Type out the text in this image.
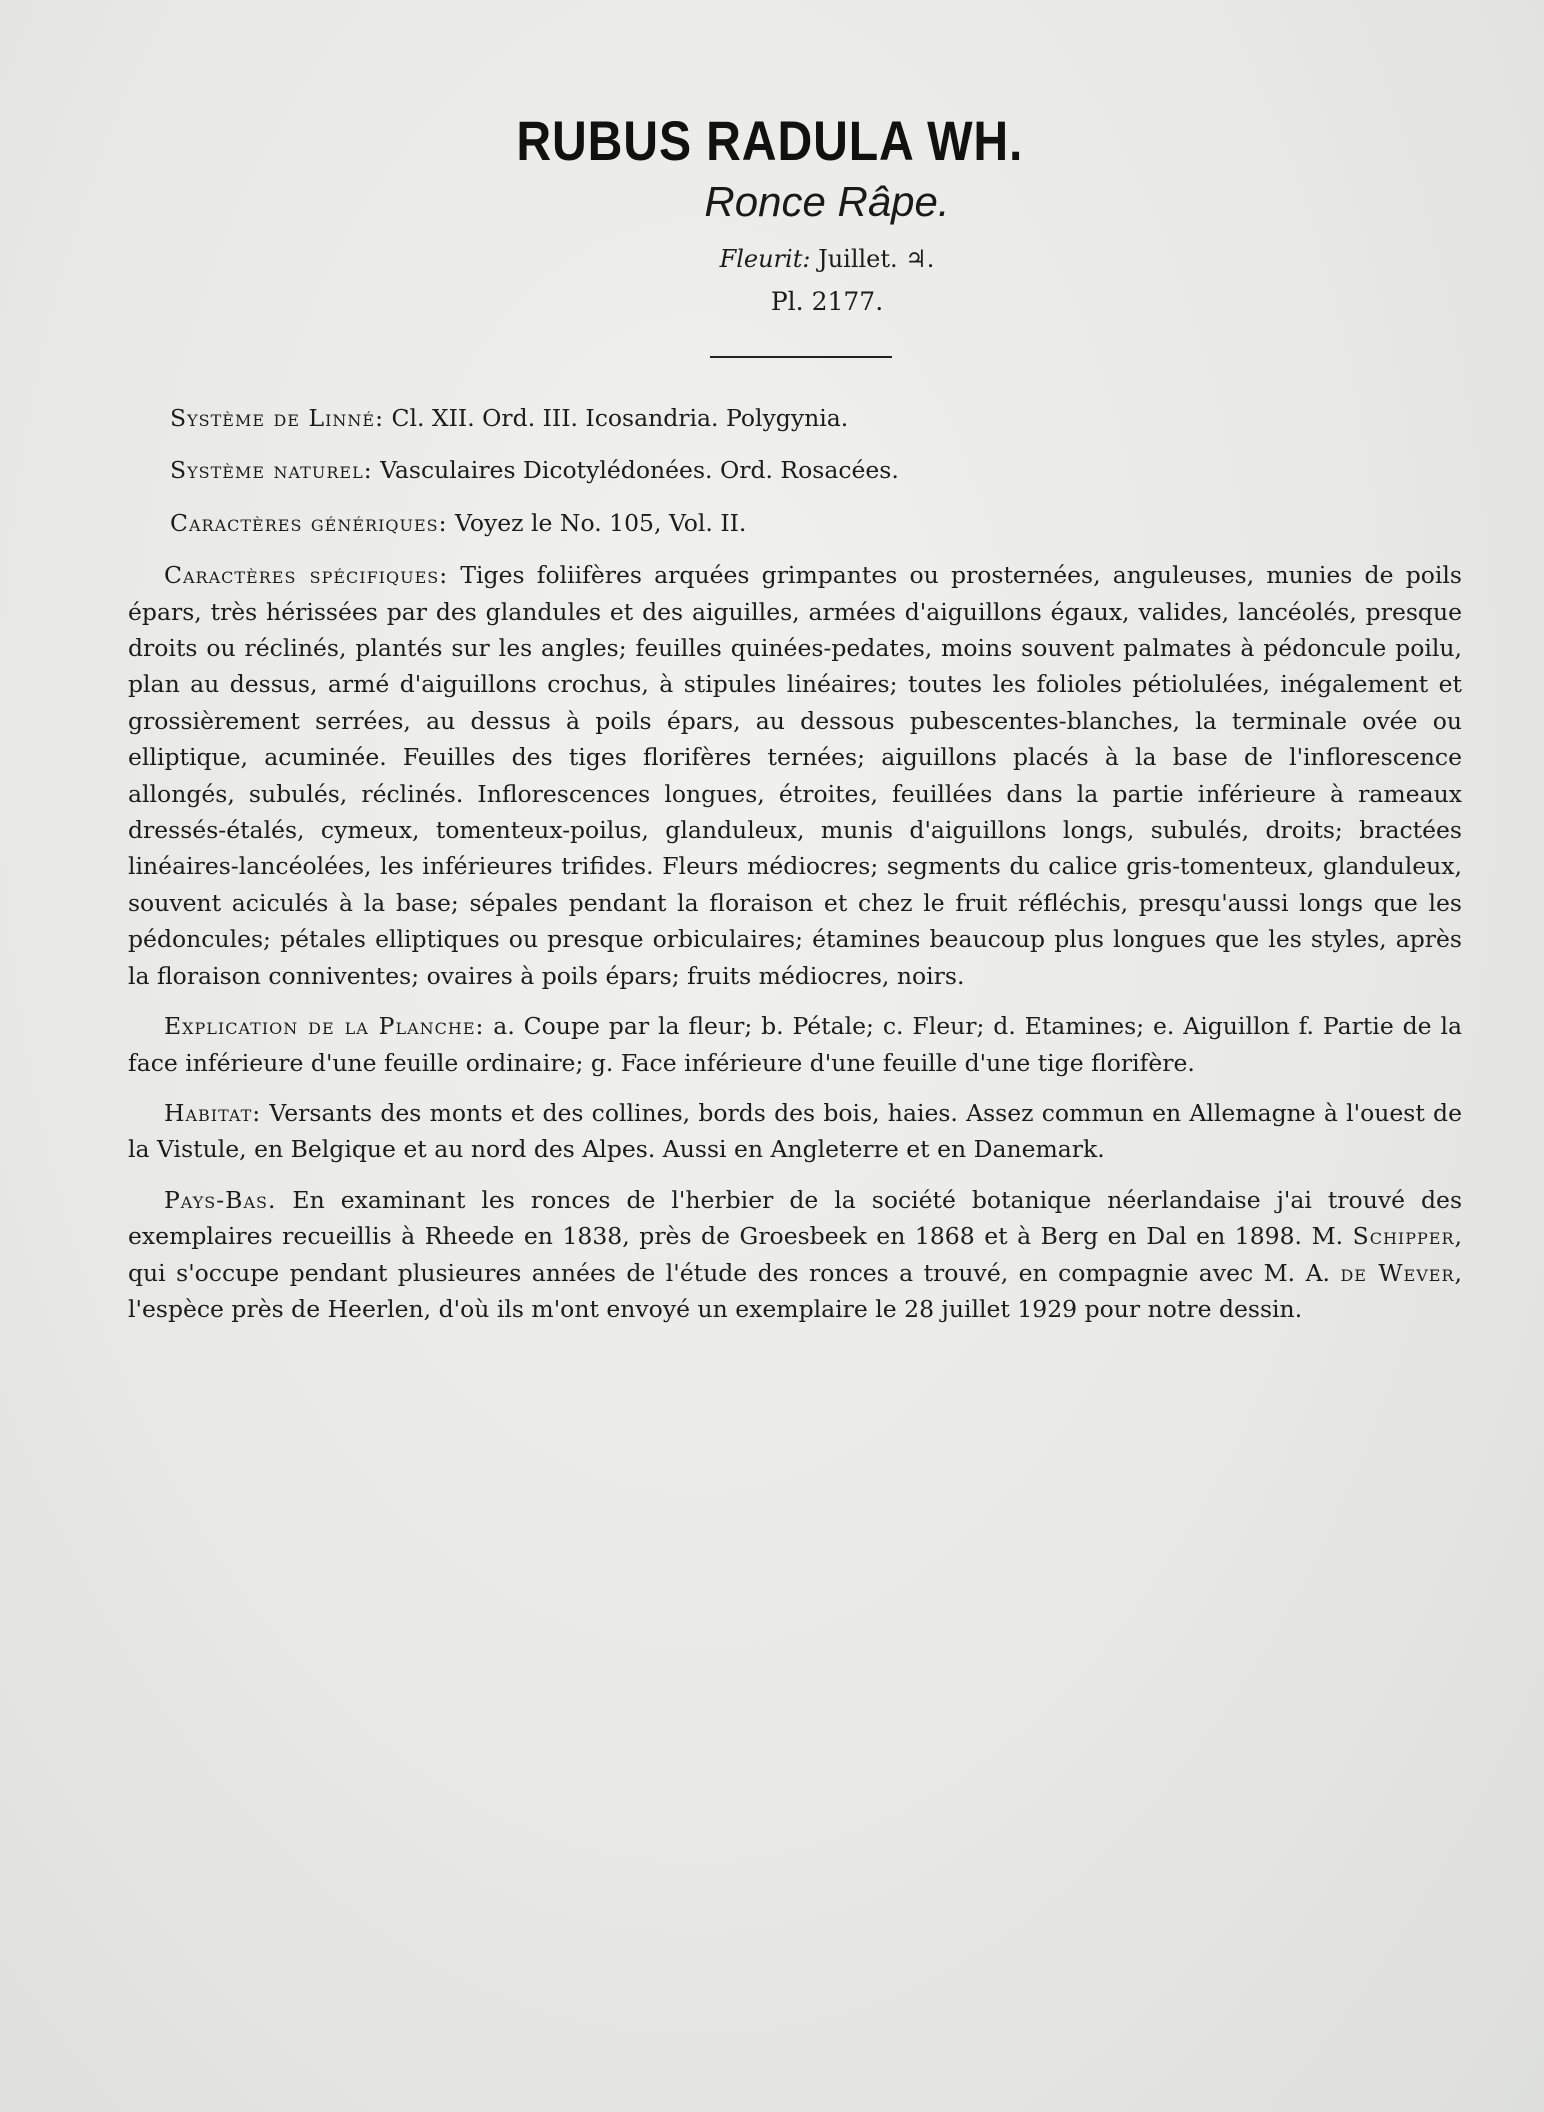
RUBUS RADULA WH.
Ronce Râpe.
Fleurit: Juillet. ♃.
Pl. 2177.

Système de Linné: Cl. XII. Ord. III. Icosandria. Polygynia.

Système naturel: Vasculaires Dicotylédonées. Ord. Rosacées.

Caractères génériques: Voyez le No. 105, Vol. II.

Caractères spécifiques: Tiges foliifères arquées grimpantes ou prosternées, anguleuses, munies de poils épars, très hérissées par des glandules et des aiguilles, armées d'aiguillons égaux, valides, lancéolés, presque droits ou réclinés, plantés sur les angles; feuilles quinées-pedates, moins souvent palmates à pédoncule poilu, plan au dessus, armé d'aiguillons crochus, à stipules linéaires; toutes les folioles pétiolulées, inégalement et grossièrement serrées, au dessus à poils épars, au dessous pubescentes-blanches, la terminale ovée ou elliptique, acuminée. Feuilles des tiges florifères ternées; aiguillons placés à la base de l'inflorescence allongés, subulés, réclinés. Inflorescences longues, étroites, feuillées dans la partie inférieure à rameaux dressés-étalés, cymeux, tomenteux-poilus, glanduleux, munis d'aiguillons longs, subulés, droits; bractées linéaires-lancéolées, les inférieures trifides. Fleurs médiocres; segments du calice gris-tomenteux, glanduleux, souvent aciculés à la base; sépales pendant la floraison et chez le fruit réfléchis, presqu'aussi longs que les pédoncules; pétales elliptiques ou presque orbiculaires; étamines beaucoup plus longues que les styles, après la floraison conniventes; ovaires à poils épars; fruits médiocres, noirs.

Explication de la Planche: a. Coupe par la fleur; b. Pétale; c. Fleur; d. Etamines; e. Aiguillon f. Partie de la face inférieure d'une feuille ordinaire; g. Face inférieure d'une feuille d'une tige florifère.

Habitat: Versants des monts et des collines, bords des bois, haies. Assez commun en Allemagne à l'ouest de la Vistule, en Belgique et au nord des Alpes. Aussi en Angleterre et en Danemark.

Pays-Bas. En examinant les ronces de l'herbier de la société botanique néerlandaise j'ai trouvé des exemplaires recueillis à Rheede en 1838, près de Groesbeek en 1868 et à Berg en Dal en 1898. M. Schipper, qui s'occupe pendant plusieures années de l'étude des ronces a trouvé, en compagnie avec M. A. de Wever, l'espèce près de Heerlen, d'où ils m'ont envoyé un exemplaire le 28 juillet 1929 pour notre dessin.
